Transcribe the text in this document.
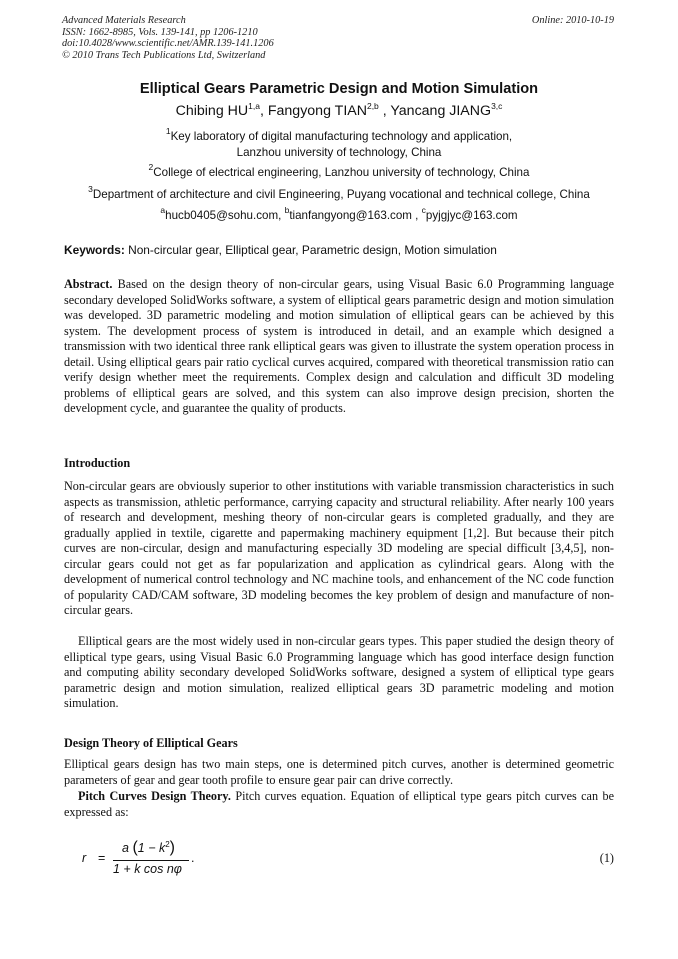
Advanced Materials Research
ISSN: 1662-8985, Vols. 139-141, pp 1206-1210
doi:10.4028/www.scientific.net/AMR.139-141.1206
© 2010 Trans Tech Publications Ltd, Switzerland
Online: 2010-10-19
Elliptical Gears Parametric Design and Motion Simulation
Chibing HU$^{1,a}$, Fangyong TIAN$^{2,b}$ , Yancang JIANG$^{3,c}$
$^1$Key laboratory of digital manufacturing technology and application,
Lanzhou university of technology, China
$^2$College of electrical engineering, Lanzhou university of technology, China
$^3$Department of architecture and civil Engineering, Puyang vocational and technical college, China
$^a$hucb0405@sohu.com, $^b$tianfangyong@163.com , $^c$pyjgjyc@163.com
Keywords: Non-circular gear, Elliptical gear, Parametric design, Motion simulation
Abstract. Based on the design theory of non-circular gears, using Visual Basic 6.0 Programming language secondary developed SolidWorks software, a system of elliptical gears parametric design and motion simulation was developed. 3D parametric modeling and motion simulation of elliptical gears can be achieved by this system. The development process of system is introduced in detail, and an example which designed a transmission with two identical three rank elliptical gears was given to illustrate the system operation process in detail. Using elliptical gears pair ratio cyclical curves acquired, compared with theoretical transmission ratio can verify design whether meet the requirements. Complex design and calculation and difficult 3D modeling problems of elliptical gears are solved, and this system can also improve design precision, shorten the development cycle, and guarantee the quality of products.
Introduction
Non-circular gears are obviously superior to other institutions with variable transmission characteristics in such aspects as transmission, athletic performance, carrying capacity and structural reliability. After nearly 100 years of research and development, meshing theory of non-circular gears is completed gradually, and they are gradually applied in textile, cigarette and papermaking machinery equipment [1,2]. But because their pitch curves are non-circular, design and manufacturing especially 3D modeling are special difficult [3,4,5], non-circular gears could not get as far popularization and application as cylindrical gears. Along with the development of numerical control technology and NC machine tools, and enhancement of the NC code function of popularity CAD/CAM software, 3D modeling becomes the key problem of design and manufacture of non-circular gears.
Elliptical gears are the most widely used in non-circular gears types. This paper studied the design theory of elliptical type gears, using Visual Basic 6.0 Programming language which has good interface design function and computing ability secondary developed SolidWorks software, designed a system of elliptical type gears parametric design and motion simulation, realized elliptical gears 3D parametric modeling and motion simulation.
Design Theory of Elliptical Gears
Elliptical gears design has two main steps, one is determined pitch curves, another is determined geometric parameters of gear and gear tooth profile to ensure gear pair can drive correctly.
Pitch Curves Design Theory. Pitch curves equation. Equation of elliptical type gears pitch curves can be expressed as:
r =
a $(1 - k^2)$
1 + k cos nφ
.	(1)
